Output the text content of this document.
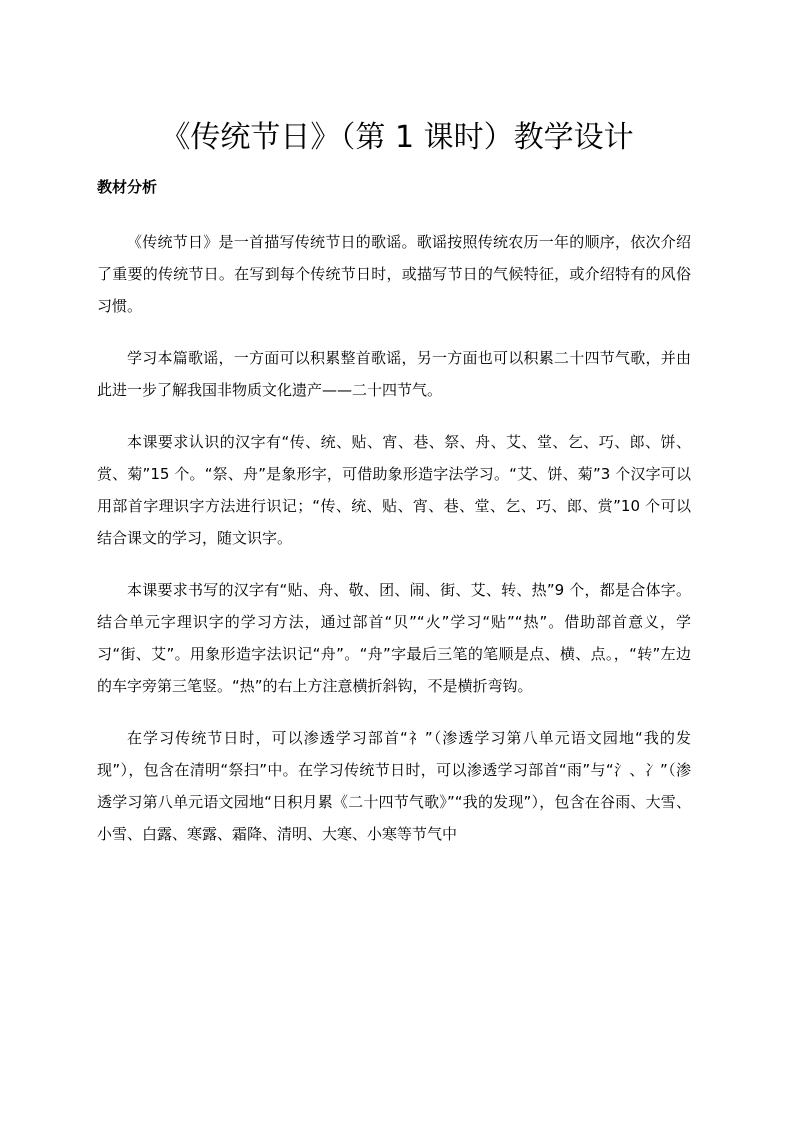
《传统节日》（第 1 课时）教学设计
教材分析

《传统节日》是一首描写传统节日的歌谣。歌谣按照传统农历一年的顺序，依次介绍了重要的传统节日。在写到每个传统节日时，或描写节日的气候特征，或介绍特有的风俗习惯。

学习本篇歌谣，一方面可以积累整首歌谣，另一方面也可以积累二十四节气歌，并由此进一步了解我国非物质文化遗产——二十四节气。

本课要求认识的汉字有“传、统、贴、宵、巷、祭、舟、艾、堂、乞、巧、郎、饼、赏、菊”15 个。“祭、舟”是象形字，可借助象形造字法学习。“艾、饼、菊”3 个汉字可以用部首字理识字方法进行识记；“传、统、贴、宵、巷、堂、乞、巧、郎、赏”10 个可以结合课文的学习，随文识字。

本课要求书写的汉字有“贴、舟、敬、团、闹、街、艾、转、热”9 个，都是合体字。结合单元字理识字的学习方法，通过部首“贝”“火”学习“贴”“热”。借助部首意义，学习“街、艾”。用象形造字法识记“舟”。“舟”字最后三笔的笔顺是点、横、点。，“转”左边的车字旁第三笔竖。“热”的右上方注意横折斜钩，不是横折弯钩。

在学习传统节日时，可以渗透学习部首“礻”（渗透学习第八单元语文园地“我的发现”），包含在清明“祭扫”中。在学习传统节日时，可以渗透学习部首“雨”与“氵、冫”（渗透学习第八单元语文园地“日积月累《二十四节气歌》”“我的发现”），包含在谷雨、大雪、小雪、白露、寒露、霜降、清明、大寒、小寒等节气中
